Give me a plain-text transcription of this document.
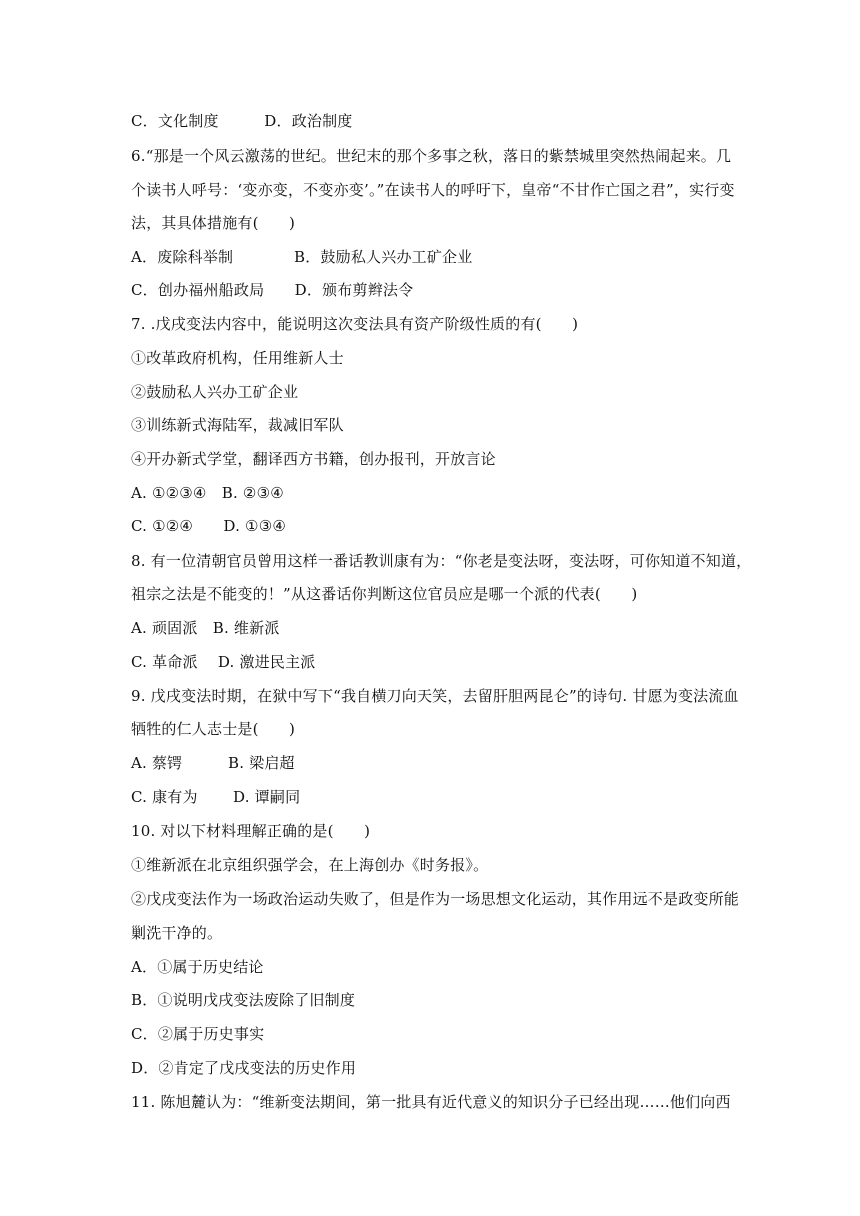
C．文化制度　　　D．政治制度
6.“那是一个风云激荡的世纪。世纪末的那个多事之秋，落日的紫禁城里突然热闹起来。几
个读书人呼号：‘变亦变，不变亦变’。”在读书人的呼吁下，皇帝“不甘作亡国之君”，实行变
法，其具体措施有(　　)
A．废除科举制　　　　B．鼓励私人兴办工矿企业
C．创办福州船政局　　D．颁布剪辫法令
7. .戊戌变法内容中，能说明这次变法具有资产阶级性质的有(　　)
①改革政府机构，任用维新人士
②鼓励私人兴办工矿企业
③训练新式海陆军，裁减旧军队
④开办新式学堂，翻译西方书籍，创办报刊，开放言论
A. ①②③④　B. ②③④
C. ①②④　　D. ①③④
8. 有一位清朝官员曾用这样一番话教训康有为：“你老是变法呀，变法呀，可你知道不知道，
祖宗之法是不能变的！”从这番话你判断这位官员应是哪一个派的代表(　　)
A. 顽固派　B. 维新派
C. 革命派　 D. 激进民主派
9. 戊戌变法时期，在狱中写下“我自横刀向天笑，去留肝胆两昆仑”的诗句. 甘愿为变法流血
牺牲的仁人志士是(　　)
A. 蔡锷　　　B. 梁启超
C. 康有为　　 D. 谭嗣同
10. 对以下材料理解正确的是(　　)
①维新派在北京组织强学会，在上海创办《时务报》。
②戊戌变法作为一场政治运动失败了，但是作为一场思想文化运动，其作用远不是政变所能
剿洗干净的。
A．①属于历史结论
B．①说明戊戌变法废除了旧制度
C．②属于历史事实
D．②肯定了戊戌变法的历史作用
11. 陈旭麓认为：“维新变法期间，第一批具有近代意义的知识分子已经出现……他们向西
